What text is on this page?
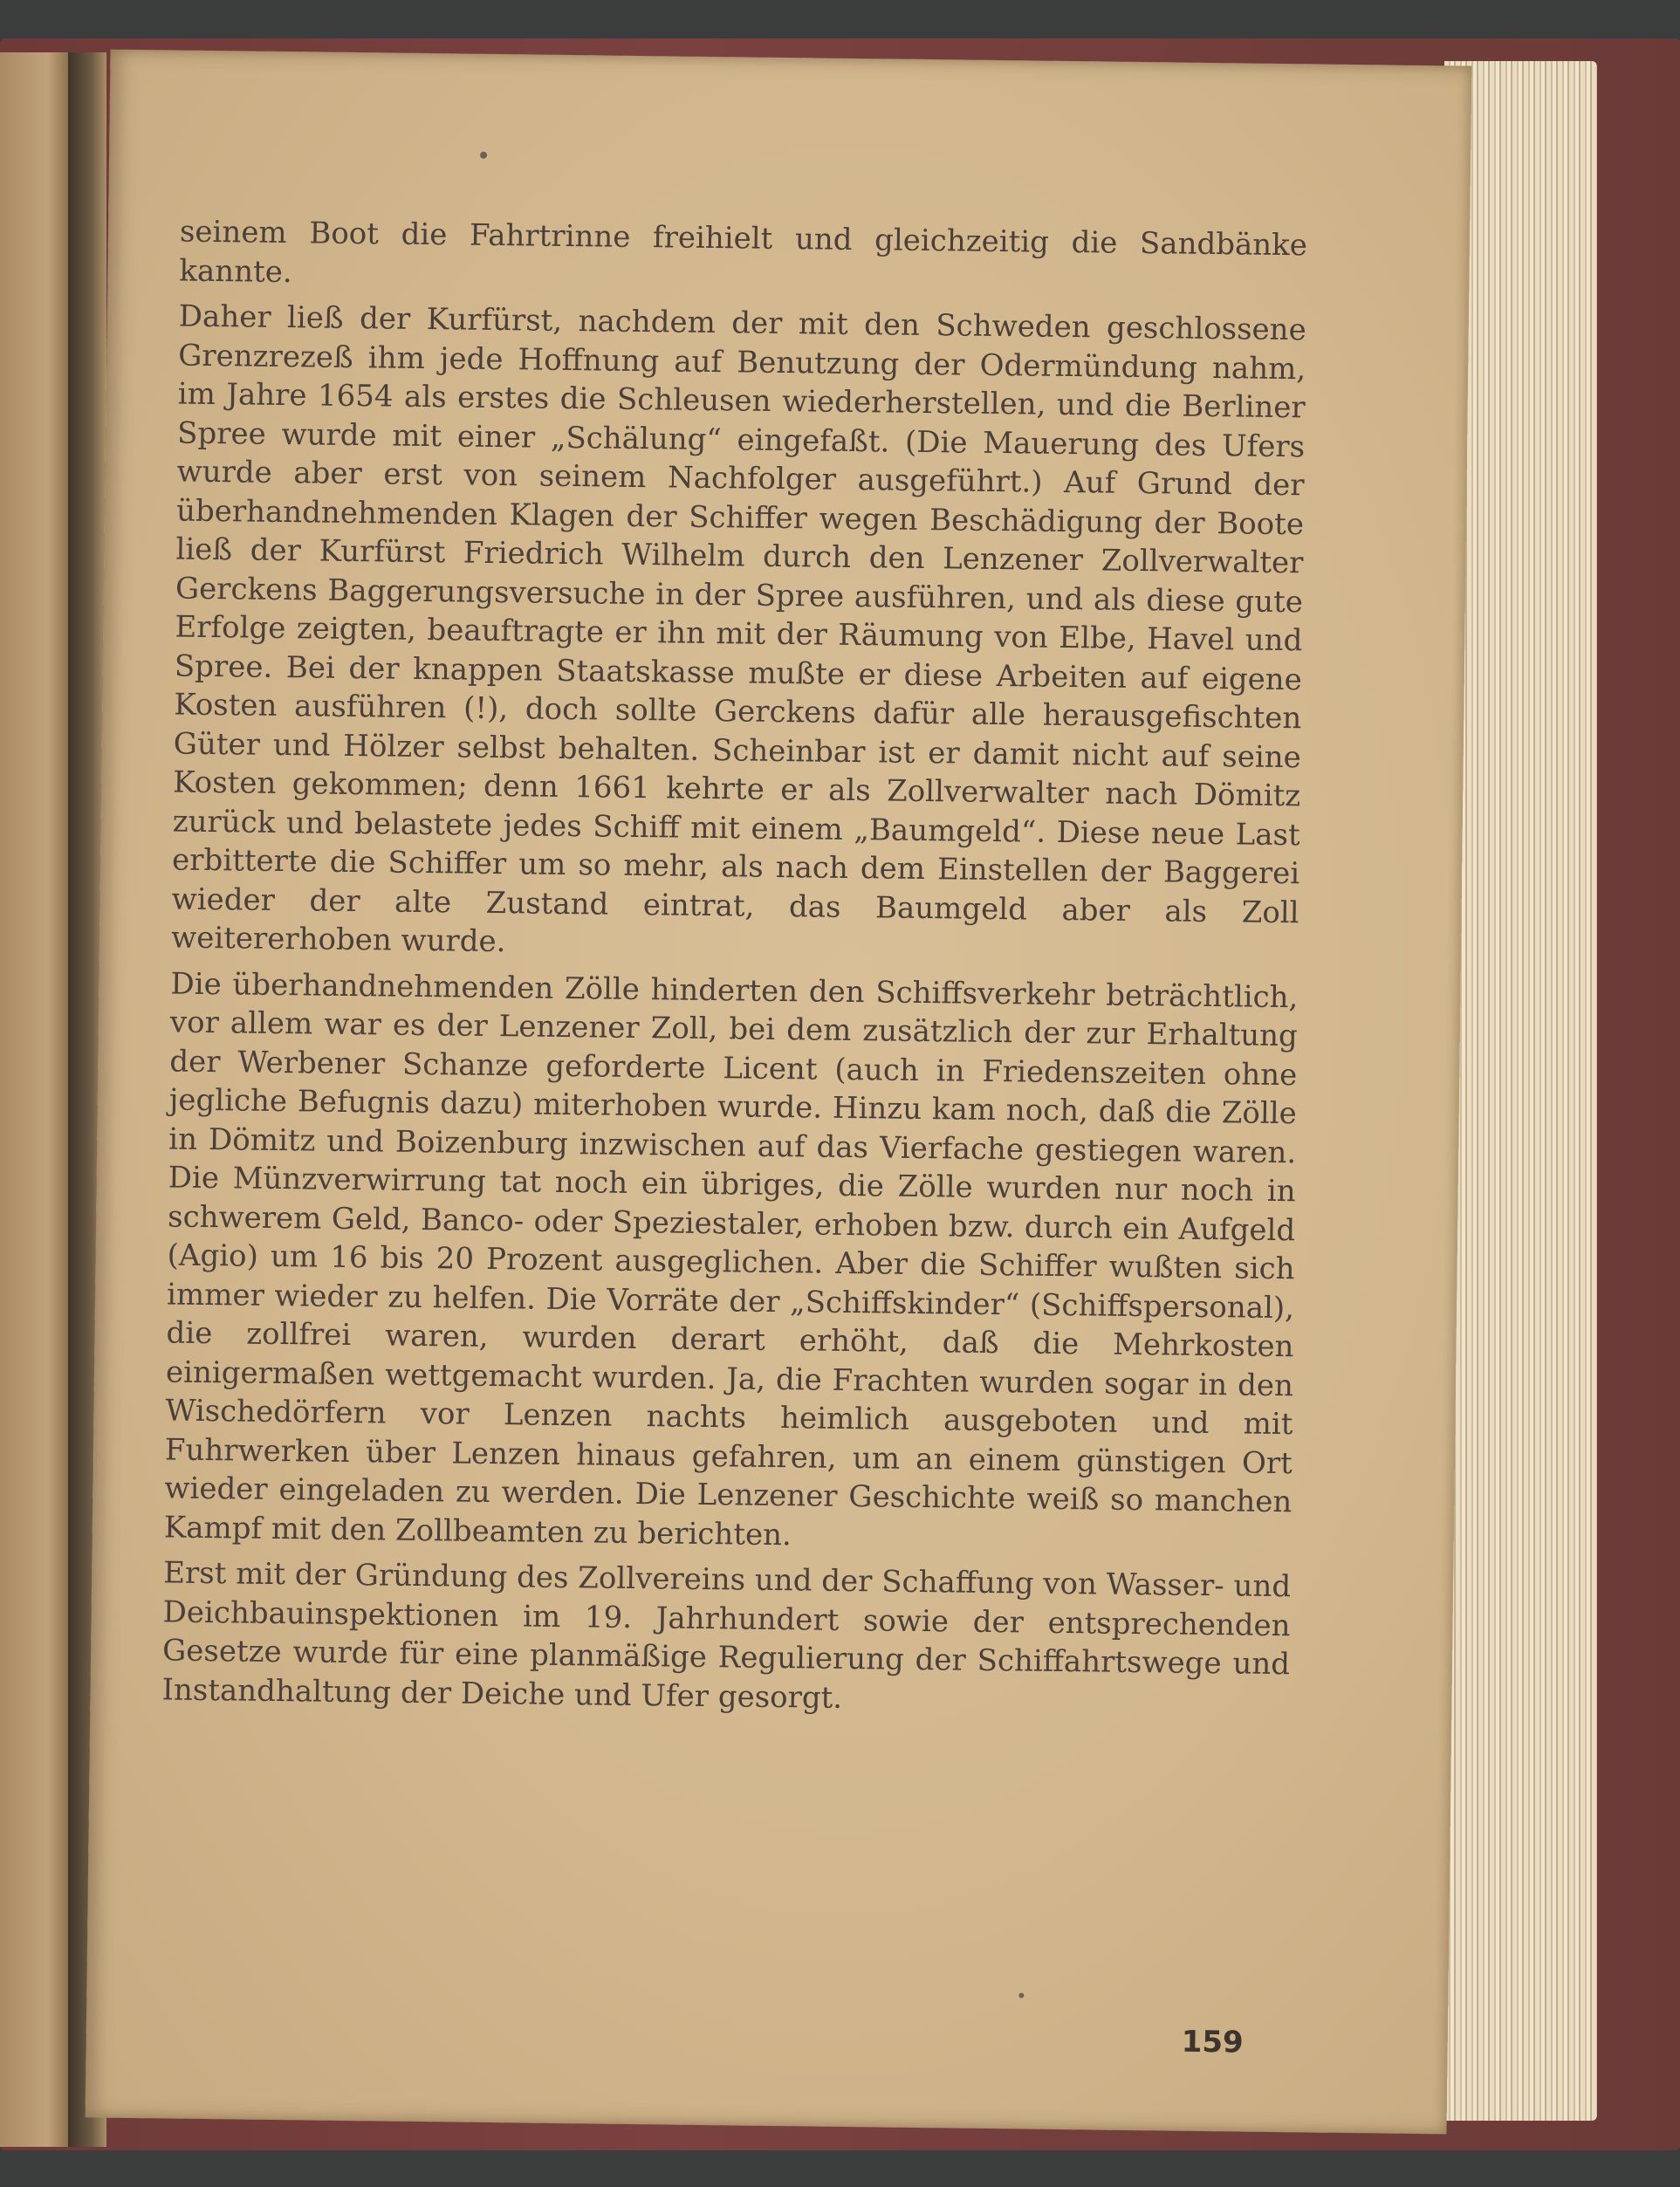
seinem Boot die Fahrtrinne freihielt und gleichzeitig die Sandbänke kannte.

Daher ließ der Kurfürst, nachdem der mit den Schweden geschlossene Grenzrezeß ihm jede Hoffnung auf Benutzung der Odermündung nahm, im Jahre 1654 als erstes die Schleusen wiederherstellen, und die Berliner Spree wurde mit einer „Schälung“ eingefaßt. (Die Mauerung des Ufers wurde aber erst von seinem Nachfolger ausgeführt.) Auf Grund der überhandnehmenden Klagen der Schiffer wegen Beschädigung der Boote ließ der Kurfürst Friedrich Wilhelm durch den Lenzener Zollverwalter Gerckens Baggerungsversuche in der Spree ausführen, und als diese gute Erfolge zeigten, beauftragte er ihn mit der Räumung von Elbe, Havel und Spree. Bei der knappen Staatskasse mußte er diese Arbeiten auf eigene Kosten ausführen (!), doch sollte Gerckens dafür alle herausgefischten Güter und Hölzer selbst behalten. Scheinbar ist er damit nicht auf seine Kosten gekommen; denn 1661 kehrte er als Zollverwalter nach Dömitz zurück und belastete jedes Schiff mit einem „Baumgeld“. Diese neue Last erbitterte die Schiffer um so mehr, als nach dem Einstellen der Baggerei wieder der alte Zustand eintrat, das Baumgeld aber als Zoll weitererhoben wurde.

Die überhandnehmenden Zölle hinderten den Schiffsverkehr beträchtlich, vor allem war es der Lenzener Zoll, bei dem zusätzlich der zur Erhaltung der Werbener Schanze geforderte Licent (auch in Friedenszeiten ohne jegliche Befugnis dazu) miterhoben wurde. Hinzu kam noch, daß die Zölle in Dömitz und Boizenburg inzwischen auf das Vierfache gestiegen waren. Die Münzverwirrung tat noch ein übriges, die Zölle wurden nur noch in schwerem Geld, Banco- oder Speziestaler, erhoben bzw. durch ein Aufgeld (Agio) um 16 bis 20 Prozent ausgeglichen. Aber die Schiffer wußten sich immer wieder zu helfen. Die Vorräte der „Schiffskinder“ (Schiffspersonal), die zollfrei waren, wurden derart erhöht, daß die Mehrkosten einigermaßen wettgemacht wurden. Ja, die Frachten wurden sogar in den Wischedörfern vor Lenzen nachts heimlich ausgeboten und mit Fuhrwerken über Lenzen hinaus gefahren, um an einem günstigen Ort wieder eingeladen zu werden. Die Lenzener Geschichte weiß so manchen Kampf mit den Zollbeamten zu berichten.

Erst mit der Gründung des Zollvereins und der Schaffung von Wasser- und Deichbauinspektionen im 19. Jahrhundert sowie der entsprechenden Gesetze wurde für eine planmäßige Regulierung der Schiffahrtswege und Instandhaltung der Deiche und Ufer gesorgt.

159
